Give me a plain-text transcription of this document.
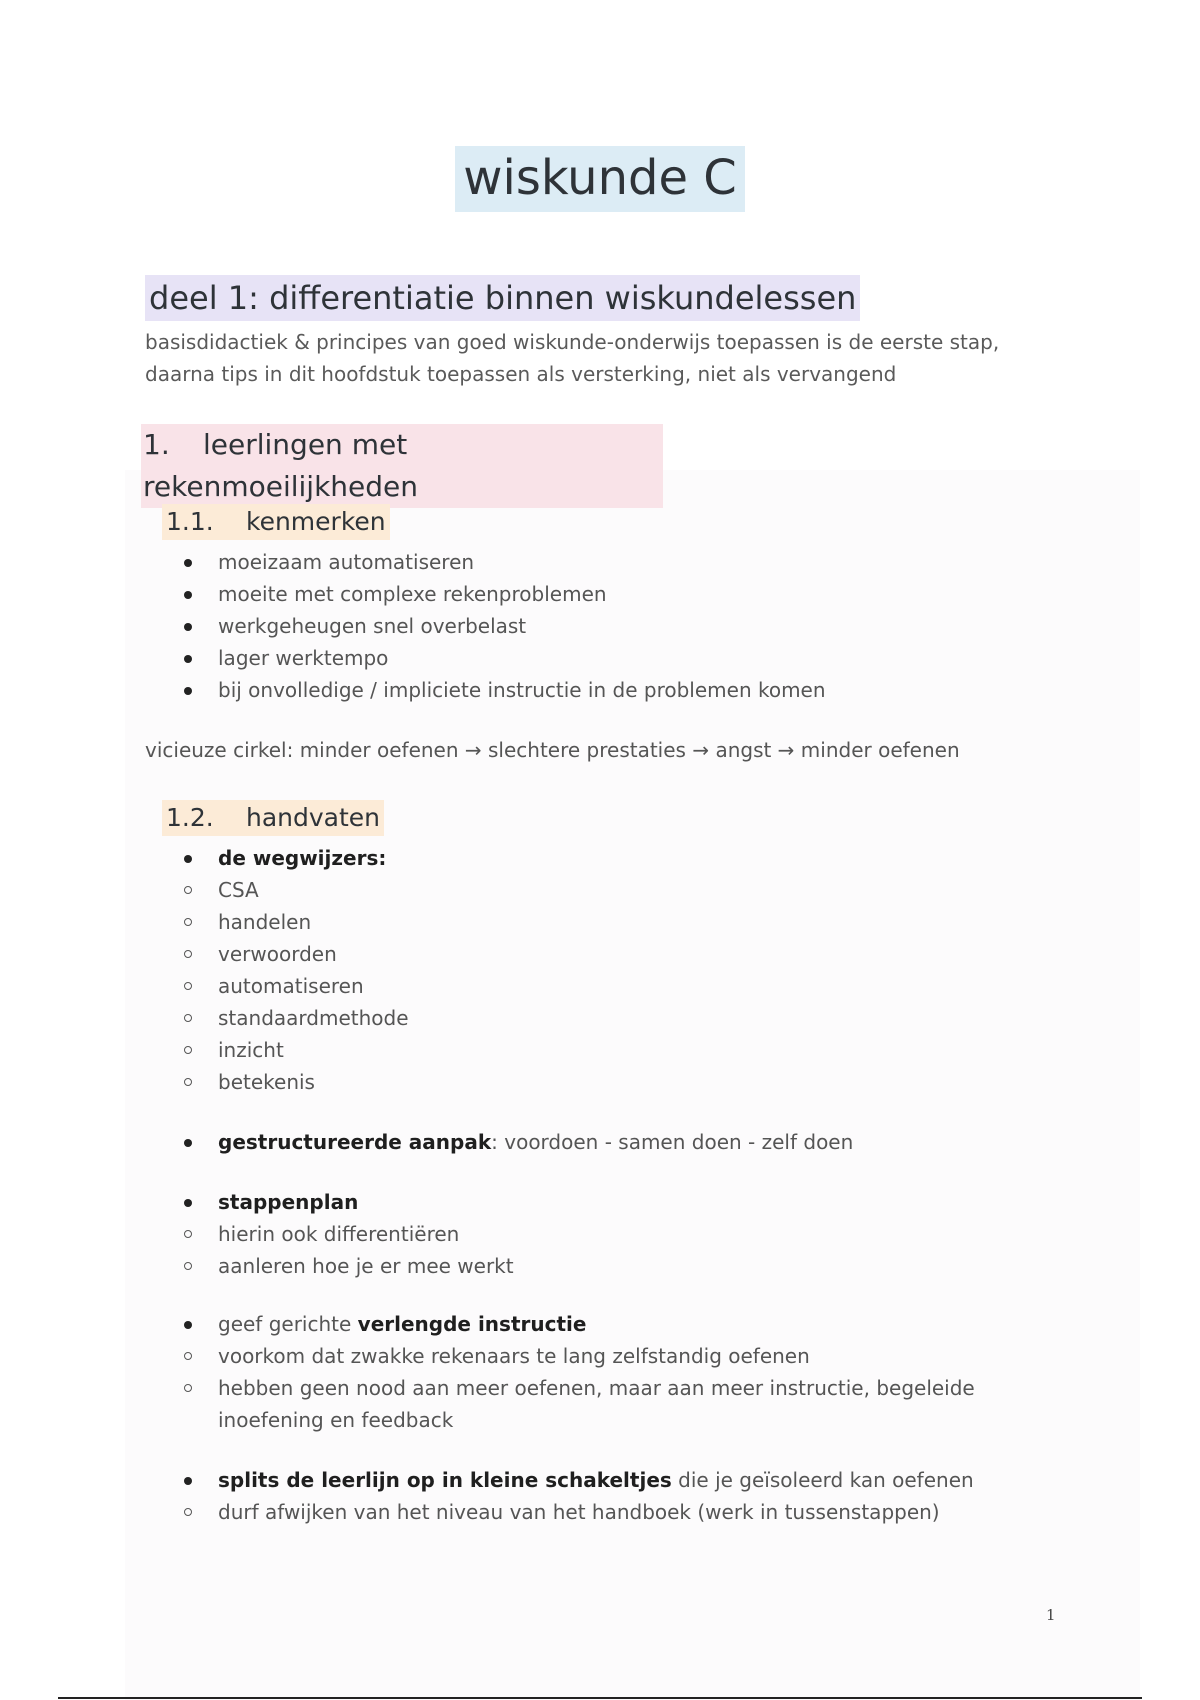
wiskunde C
deel 1: differentiatie binnen wiskundelessen
basisdidactiek & principes van goed wiskunde-onderwijs toepassen is de eerste stap,
daarna tips in dit hoofdstuk toepassen als versterking, niet als vervangend
1. leerlingen met rekenmoeilijkheden
1.1. kenmerken
moeizaam automatiseren
moeite met complexe rekenproblemen
werkgeheugen snel overbelast
lager werktempo
bij onvolledige / impliciete instructie in de problemen komen
vicieuze cirkel: minder oefenen → slechtere prestaties → angst → minder oefenen
1.2. handvaten
de wegwijzers:
CSA
handelen
verwoorden
automatiseren
standaardmethode
inzicht
betekenis
gestructureerde aanpak: voordoen - samen doen - zelf doen
stappenplan
hierin ook differentiëren
aanleren hoe je er mee werkt
geef gerichte verlengde instructie
voorkom dat zwakke rekenaars te lang zelfstandig oefenen
hebben geen nood aan meer oefenen, maar aan meer instructie, begeleide
inoefening en feedback
splits de leerlijn op in kleine schakeltjes die je geïsoleerd kan oefenen
durf afwijken van het niveau van het handboek (werk in tussenstappen)
1
